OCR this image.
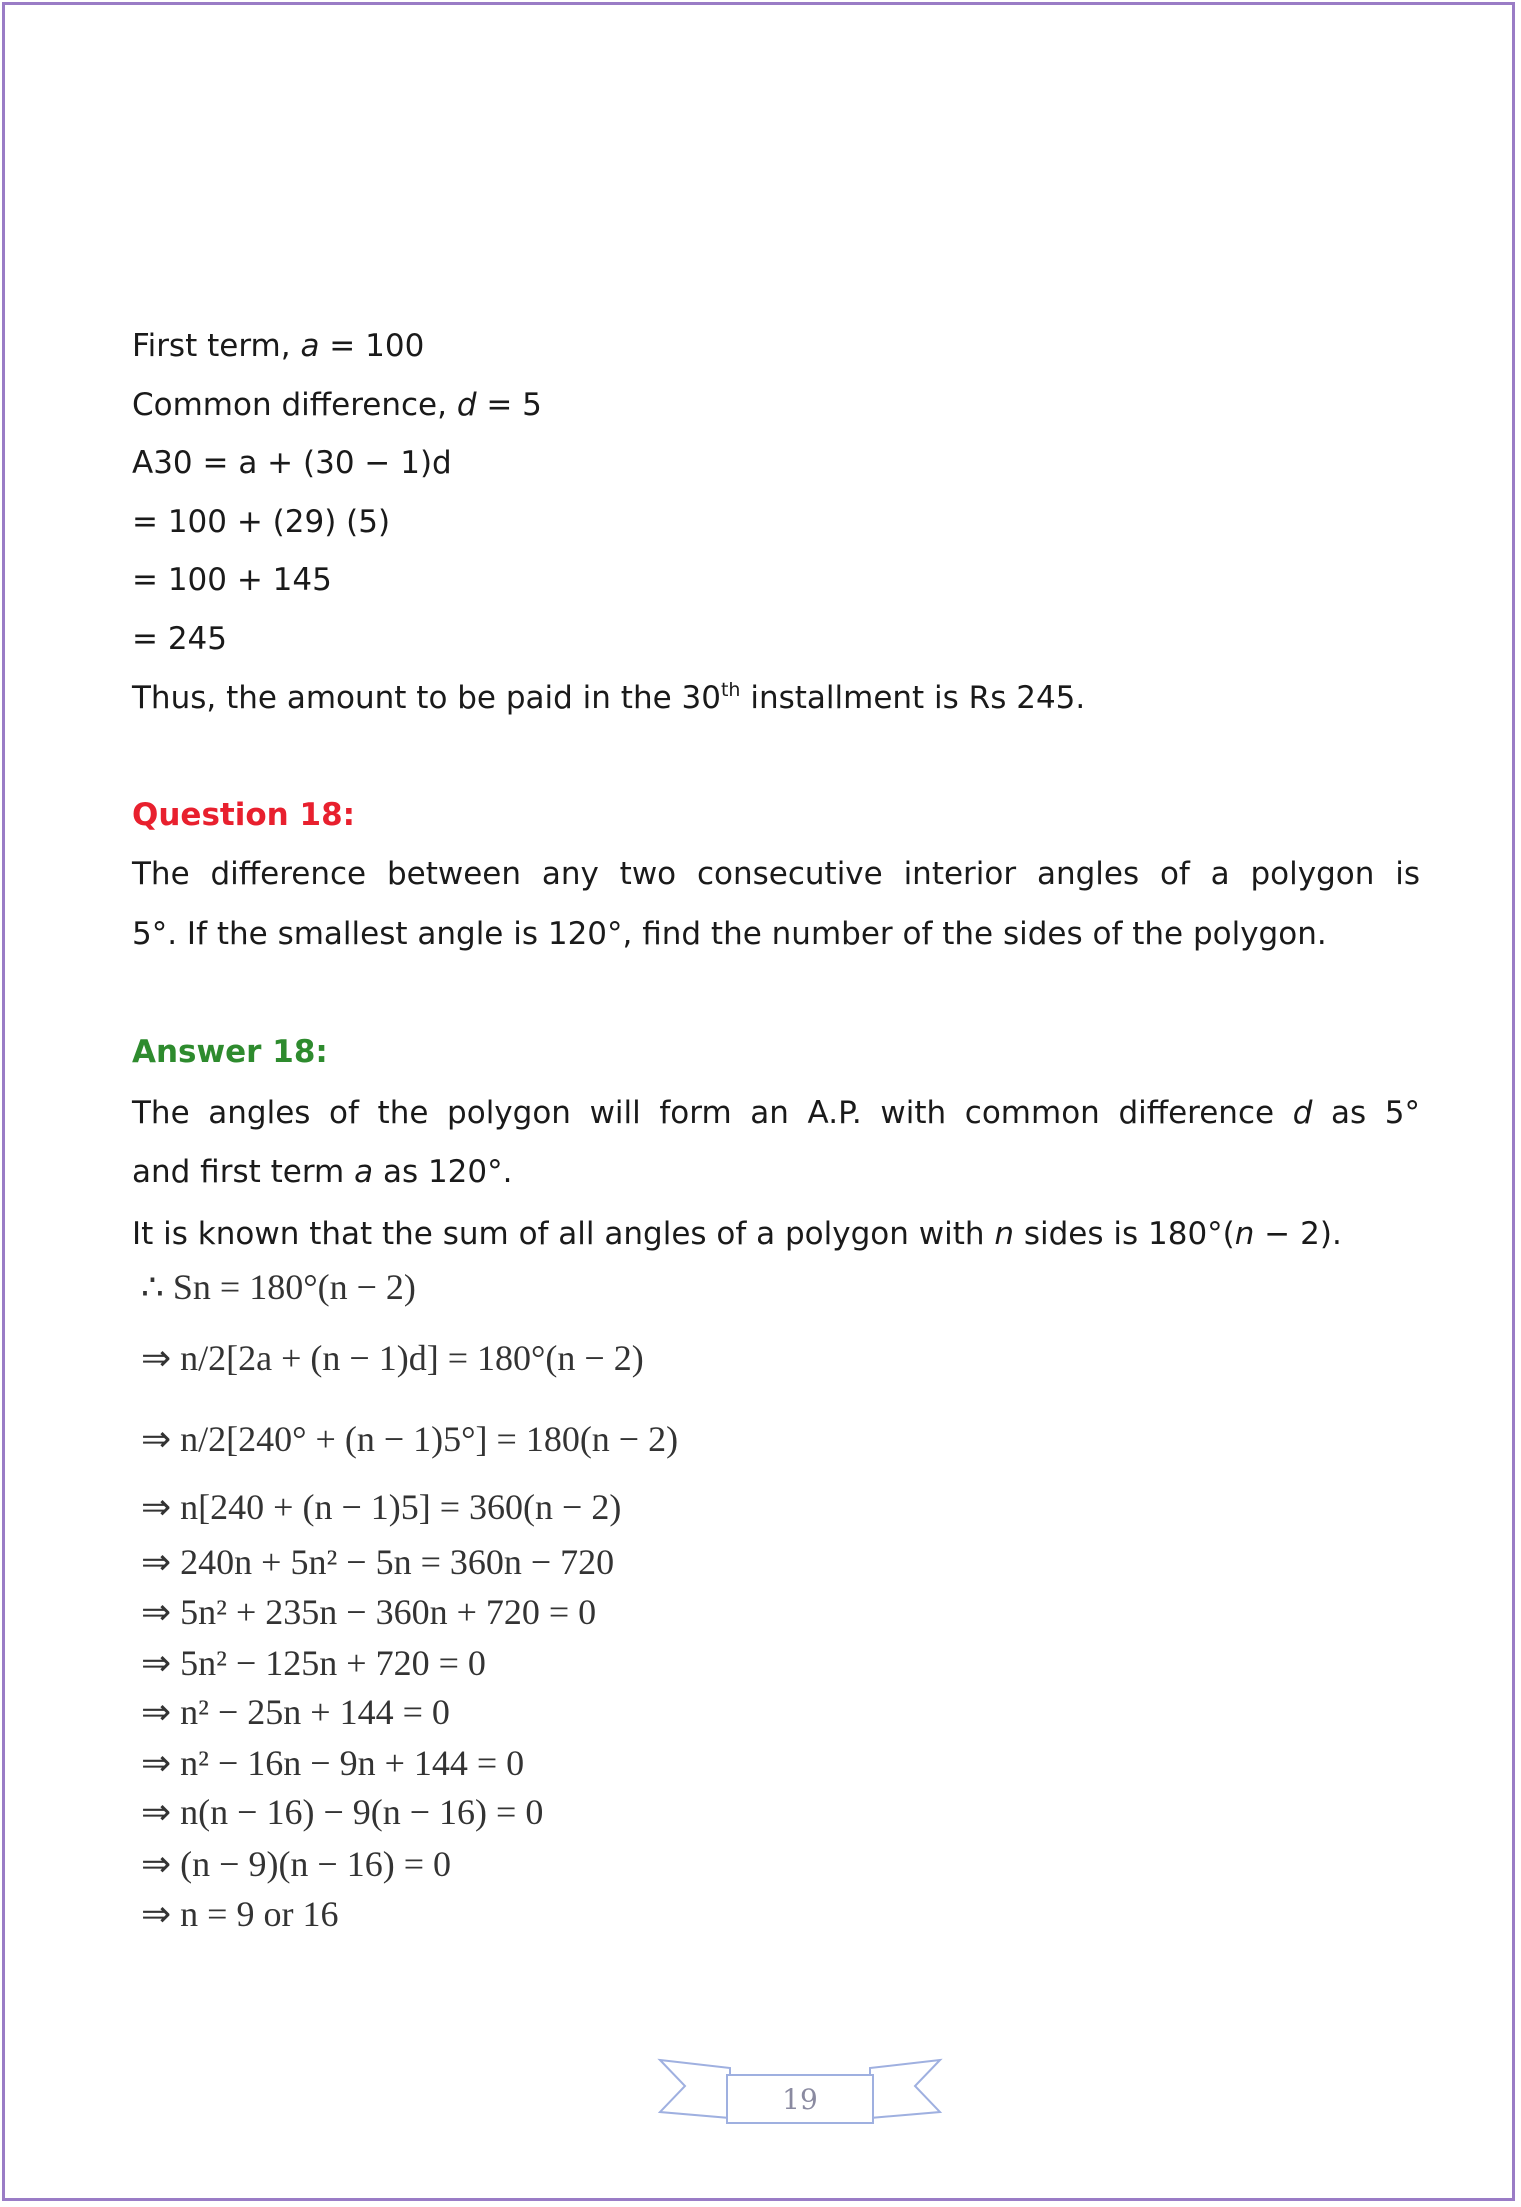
First term, a = 100
Common difference, d = 5
A30 = a + (30 − 1)d
= 100 + (29) (5)
= 100 + 145
= 245
Thus, the amount to be paid in the 30th installment is Rs 245.
Question 18:
The difference between any two consecutive interior angles of a polygon is
5°. If the smallest angle is 120°, find the number of the sides of the polygon.
Answer 18:
The angles of the polygon will form an A.P. with common difference d as 5°
and first term a as 120°.
It is known that the sum of all angles of a polygon with n sides is 180°(n − 2).
∴ Sn = 180°(n − 2)
⇒ n/2[2a + (n − 1)d] = 180°(n − 2)
⇒ n/2[240° + (n − 1)5°] = 180(n − 2)
⇒ n[240 + (n − 1)5] = 360(n − 2)
⇒ 240n + 5n² − 5n = 360n − 720
⇒ 5n² + 235n − 360n + 720 = 0
⇒ 5n² − 125n + 720 = 0
⇒ n² − 25n + 144 = 0
⇒ n² − 16n − 9n + 144 = 0
⇒ n(n − 16) − 9(n − 16) = 0
⇒ (n − 9)(n − 16) = 0
⇒ n = 9 or 16
19
